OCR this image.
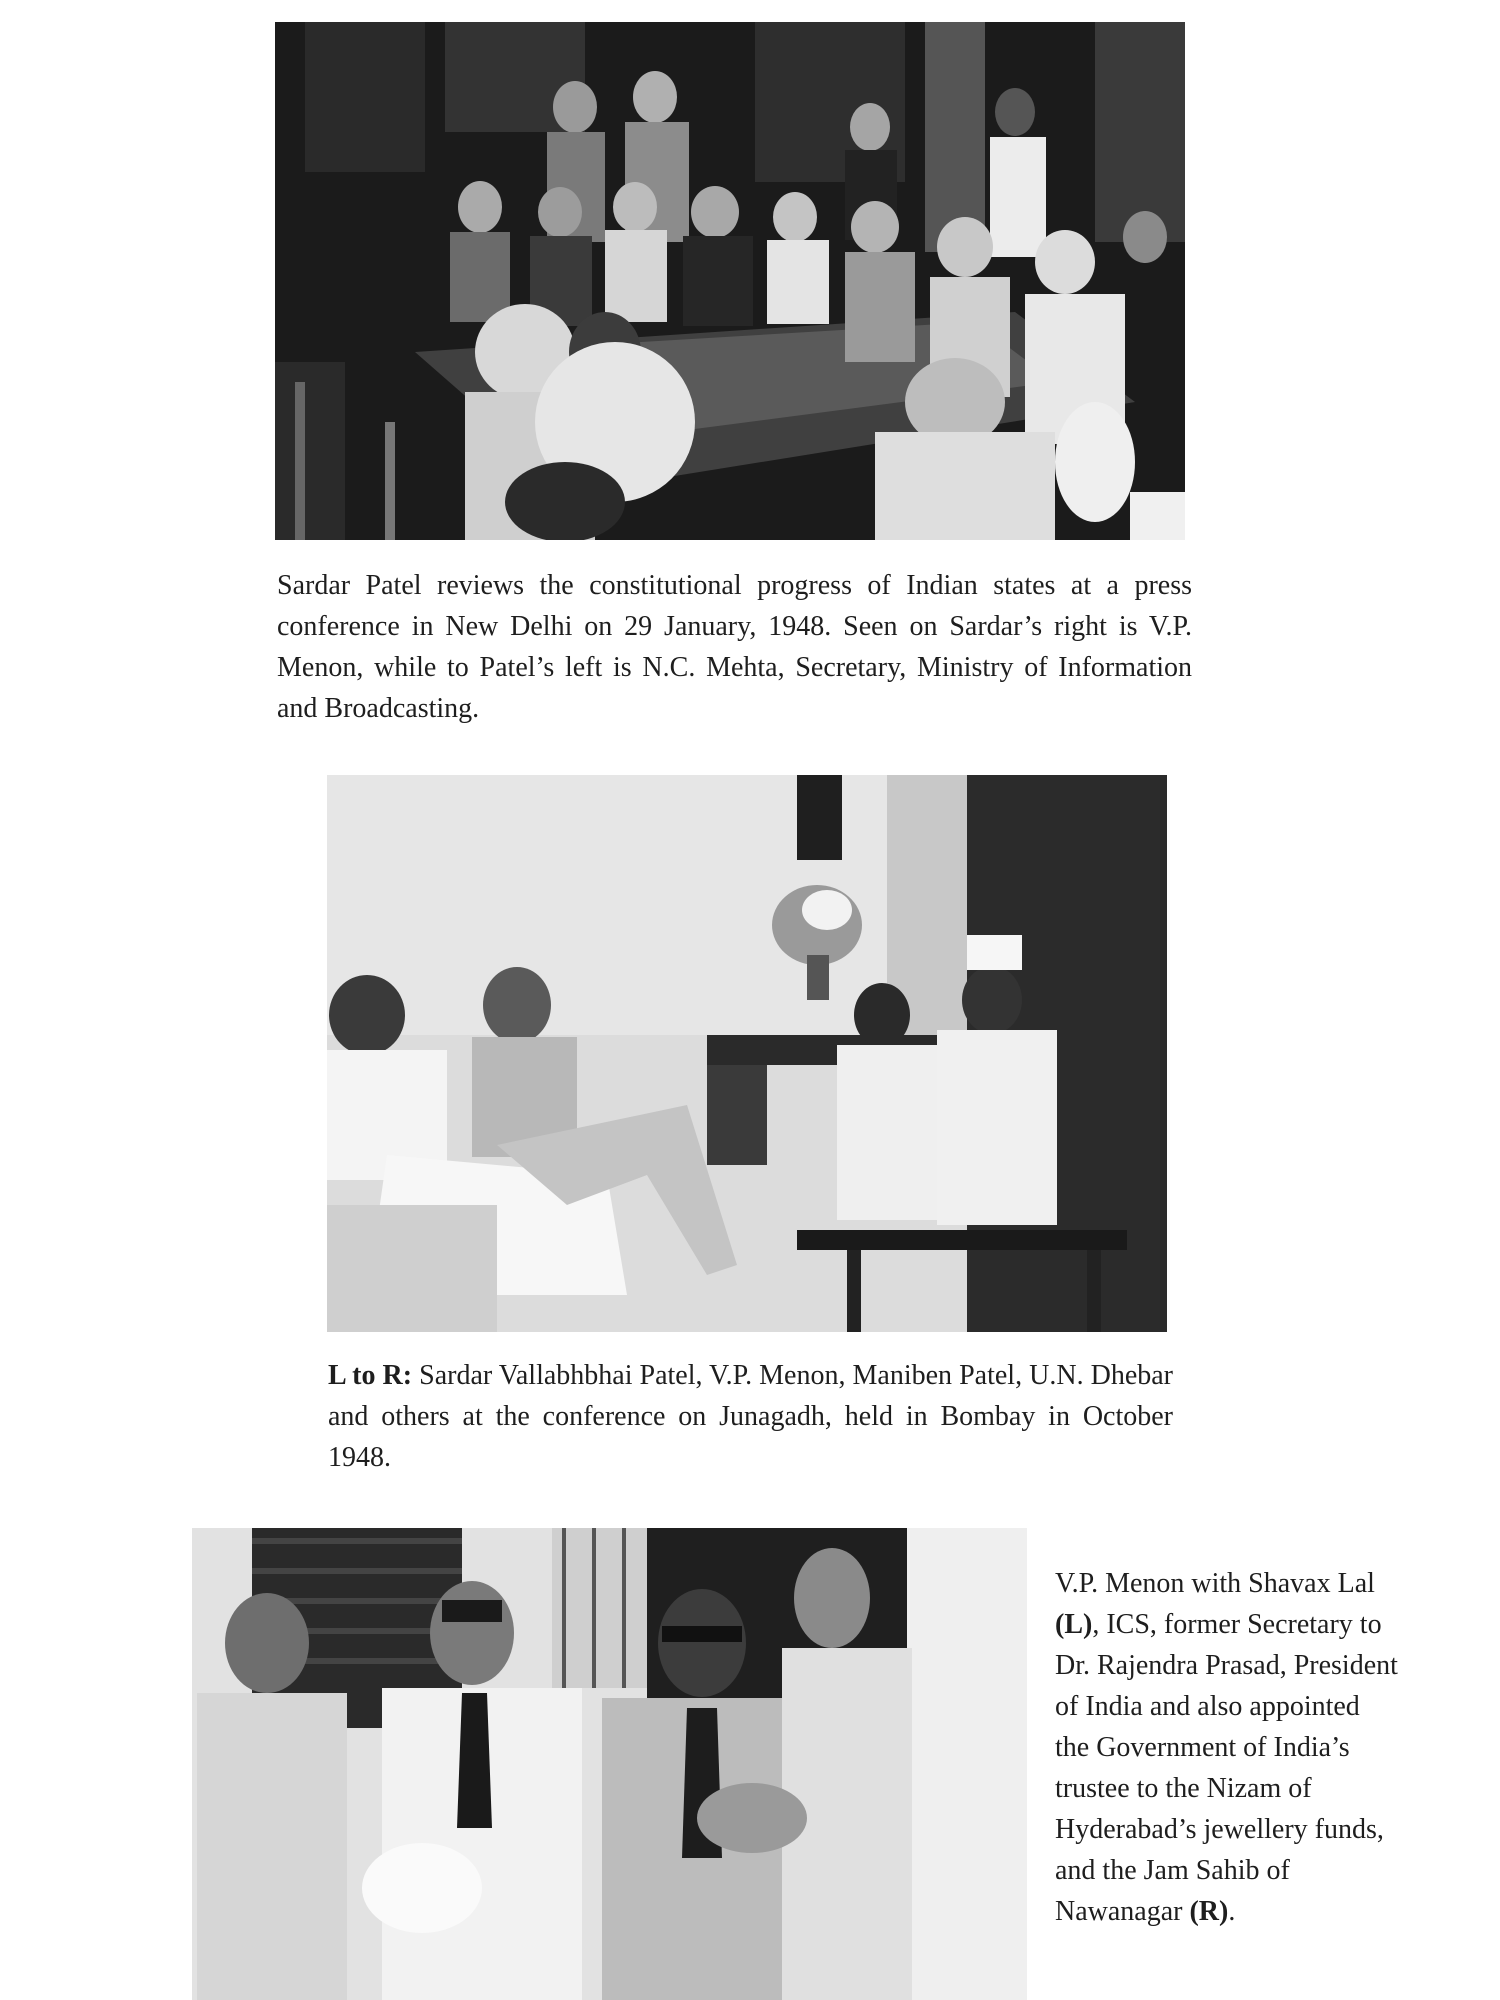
Sardar Patel reviews the constitutional progress of Indian states at a press conference in New Delhi on 29 January, 1948. Seen on Sardar’s right is V.P. Menon, while to Patel’s left is N.C. Mehta, Secretary, Ministry of Information and Broadcasting.
L to R: Sardar Vallabhbhai Patel, V.P. Menon, Maniben Patel, U.N. Dhebar and others at the conference on Junagadh, held in Bombay in October 1948.
V.P. Menon with Shavax Lal (L), ICS, former Secretary to Dr. Rajendra Prasad, President of India and also appointed the Government of India’s trustee to the Nizam of Hyderabad’s jewellery funds, and the Jam Sahib of Nawanagar (R).
